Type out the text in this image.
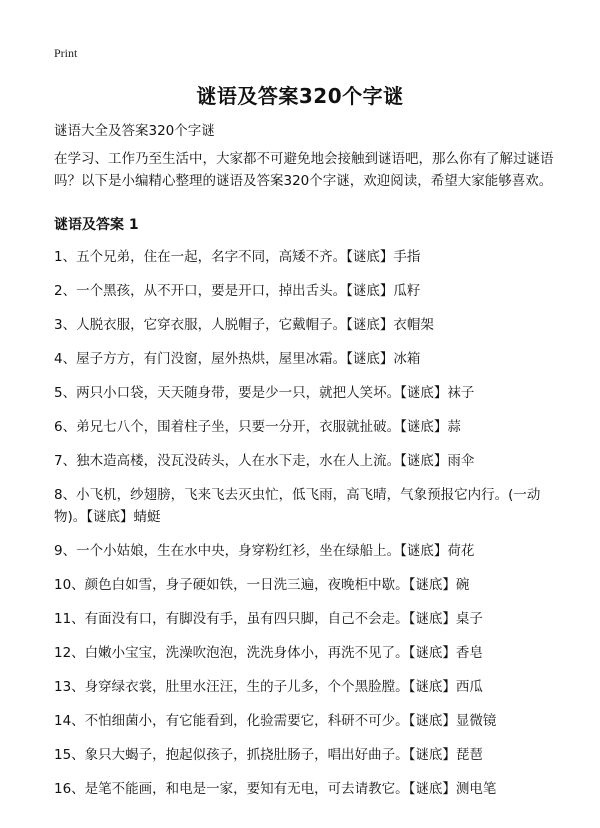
Print
谜语及答案320个字谜
谜语大全及答案320个字谜
在学习、工作乃至生活中，大家都不可避免地会接触到谜语吧，那么你有了解过谜语吗？以下是小编精心整理的谜语及答案320个字谜，欢迎阅读，希望大家能够喜欢。
谜语及答案 1
1、五个兄弟，住在一起，名字不同，高矮不齐。【谜底】手指
2、一个黑孩，从不开口，要是开口，掉出舌头。【谜底】瓜籽
3、人脱衣服，它穿衣服，人脱帽子，它戴帽子。【谜底】衣帽架
4、屋子方方，有门没窗，屋外热烘，屋里冰霜。【谜底】冰箱
5、两只小口袋，天天随身带，要是少一只，就把人笑坏。【谜底】袜子
6、弟兄七八个，围着柱子坐，只要一分开，衣服就扯破。【谜底】蒜
7、独木造高楼，没瓦没砖头，人在水下走，水在人上流。【谜底】雨伞
8、小飞机，纱翅膀，飞来飞去灭虫忙，低飞雨，高飞晴，气象预报它内行。(一动物)。【谜底】蜻蜓
9、一个小姑娘，生在水中央，身穿粉红衫，坐在绿船上。【谜底】荷花
10、颜色白如雪，身子硬如铁，一日洗三遍，夜晚柜中歇。【谜底】碗
11、有面没有口，有脚没有手，虽有四只脚，自己不会走。【谜底】桌子
12、白嫩小宝宝，洗澡吹泡泡，洗洗身体小，再洗不见了。【谜底】香皂
13、身穿绿衣裳，肚里水汪汪，生的子儿多，个个黑脸膛。【谜底】西瓜
14、不怕细菌小，有它能看到，化验需要它，科研不可少。【谜底】显微镜
15、象只大蝎子，抱起似孩子，抓挠肚肠子，唱出好曲子。【谜底】琵琶
16、是笔不能画，和电是一家，要知有无电，可去请教它。【谜底】测电笔
